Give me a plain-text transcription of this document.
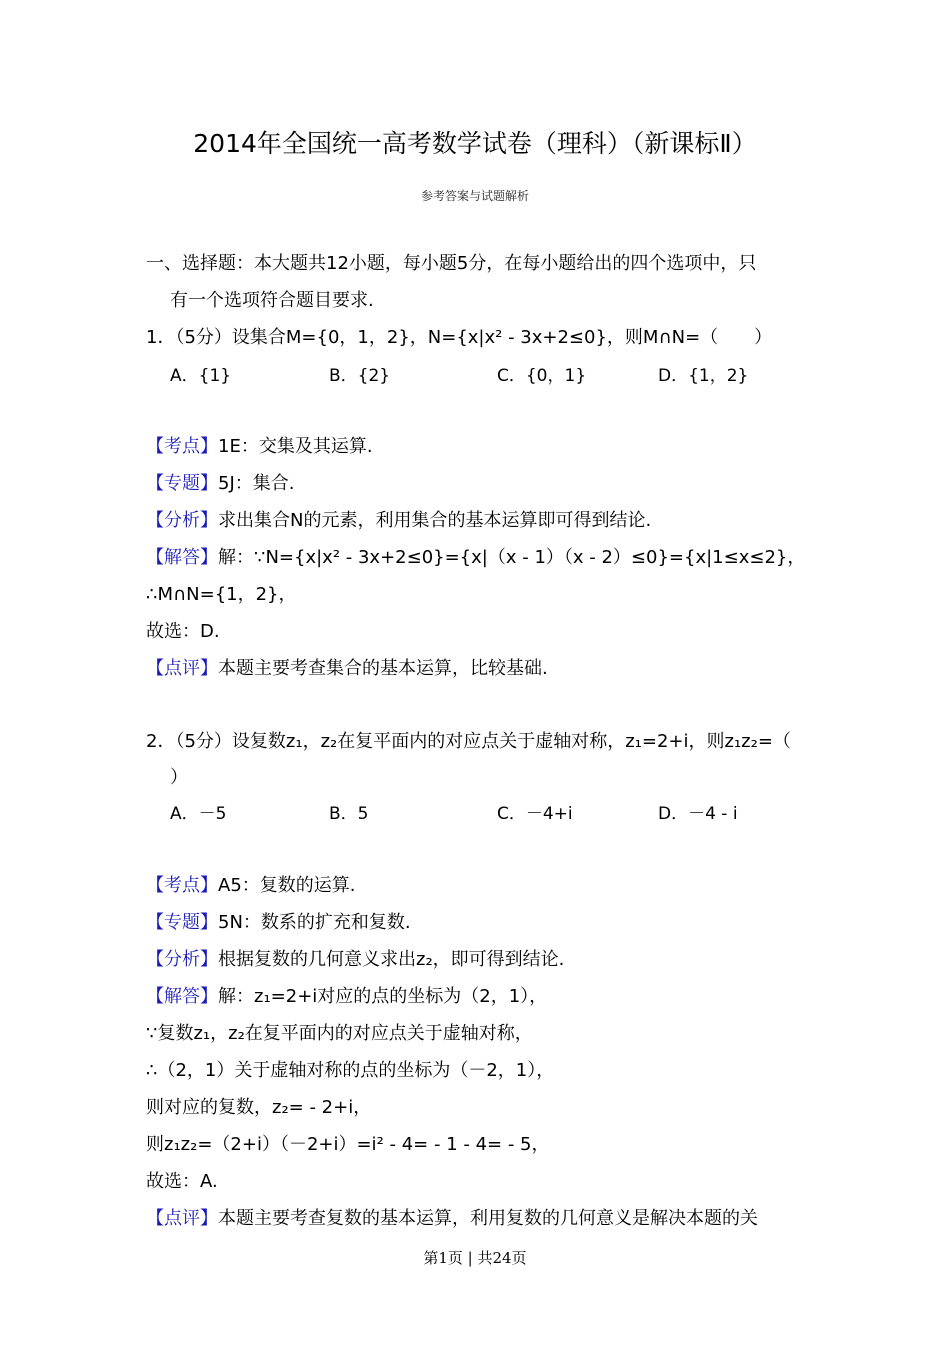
2014年全国统一高考数学试卷（理科）（新课标Ⅱ）
参考答案与试题解析
一、选择题：本大题共12小题，每小题5分，在每小题给出的四个选项中，只
有一个选项符合题目要求.
1．（5分）设集合M={0，1，2}，N={x|x² - 3x+2≤0}，则M∩N=（　　）
A．{1}	B．{2}	C．{0，1}	D．{1，2}
【考点】1E：交集及其运算.
【专题】5J：集合.
【分析】求出集合N的元素，利用集合的基本运算即可得到结论.
【解答】解：∵N={x|x² - 3x+2≤0}={x|（x - 1）（x - 2）≤0}={x|1≤x≤2}，
∴M∩N={1，2}，
故选：D.
【点评】本题主要考查集合的基本运算，比较基础.
2．（5分）设复数z₁，z₂在复平面内的对应点关于虚轴对称，z₁=2+i，则z₁z₂=（
）
A．－5	B．5	C．－4+i	D．－4 - i
【考点】A5：复数的运算.
【专题】5N：数系的扩充和复数.
【分析】根据复数的几何意义求出z₂，即可得到结论.
【解答】解：z₁=2+i对应的点的坐标为（2，1），
∵复数z₁，z₂在复平面内的对应点关于虚轴对称，
∴（2，1）关于虚轴对称的点的坐标为（－2，1），
则对应的复数，z₂= - 2+i，
则z₁z₂=（2+i）（－2+i）=i² - 4= - 1 - 4= - 5，
故选：A.
【点评】本题主要考查复数的基本运算，利用复数的几何意义是解决本题的关
第1页 | 共24页
